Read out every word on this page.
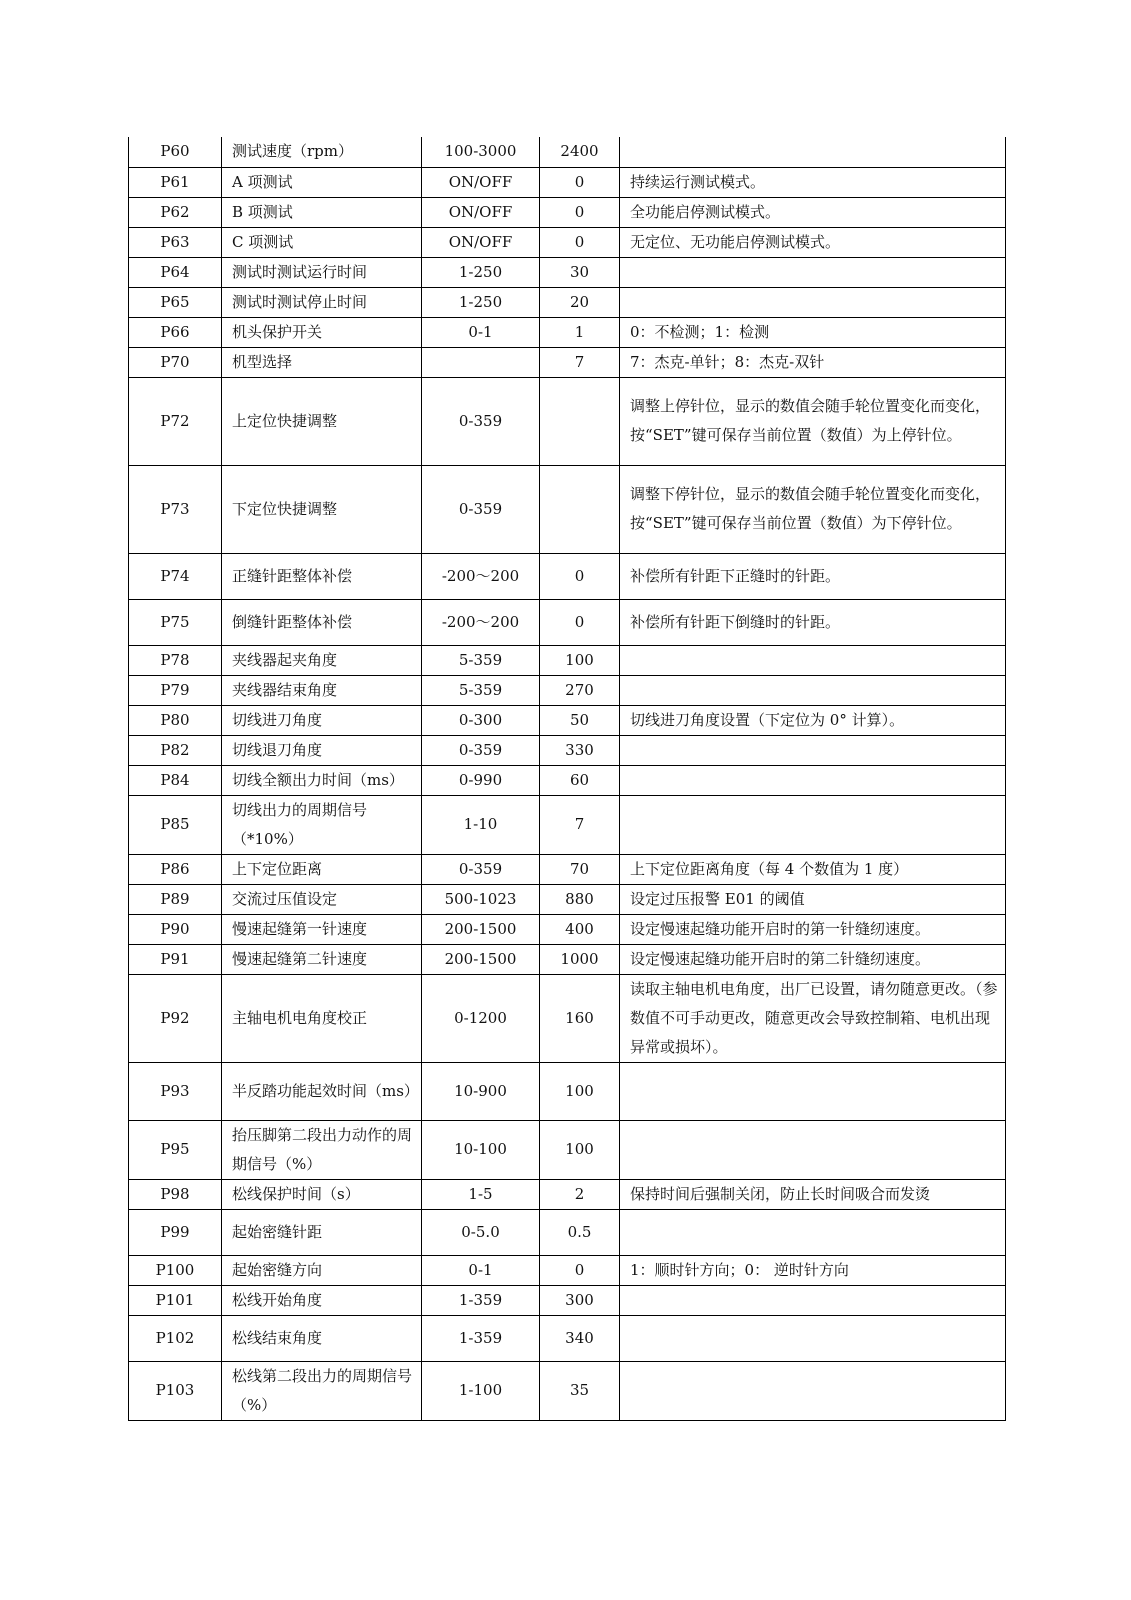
P60	测试速度（rpm）	100-3000	2400	
P61	A 项测试	ON/OFF	0	持续运行测试模式。
P62	B 项测试	ON/OFF	0	全功能启停测试模式。
P63	C 项测试	ON/OFF	0	无定位、无功能启停测试模式。
P64	测试时测试运行时间	1-250	30	
P65	测试时测试停止时间	1-250	20	
P66	机头保护开关	0-1	1	0：不检测；1：检测
P70	机型选择		7	7：杰克-单针；8：杰克-双针
P72	上定位快捷调整	0-359		调整上停针位，显示的数值会随手轮位置变化而变化，按“SET”键可保存当前位置（数值）为上停针位。
P73	下定位快捷调整	0-359		调整下停针位，显示的数值会随手轮位置变化而变化，按“SET”键可保存当前位置（数值）为下停针位。
P74	正缝针距整体补偿	-200～200	0	补偿所有针距下正缝时的针距。
P75	倒缝针距整体补偿	-200～200	0	补偿所有针距下倒缝时的针距。
P78	夹线器起夹角度	5-359	100	
P79	夹线器结束角度	5-359	270	
P80	切线进刀角度	0-300	50	切线进刀角度设置（下定位为 0° 计算）。
P82	切线退刀角度	0-359	330	
P84	切线全额出力时间（ms）	0-990	60	
P85	切线出力的周期信号（*10%）	1-10	7	
P86	上下定位距离	0-359	70	上下定位距离角度（每 4 个数值为 1 度）
P89	交流过压值设定	500-1023	880	设定过压报警 E01 的阈值
P90	慢速起缝第一针速度	200-1500	400	设定慢速起缝功能开启时的第一针缝纫速度。
P91	慢速起缝第二针速度	200-1500	1000	设定慢速起缝功能开启时的第二针缝纫速度。
P92	主轴电机电角度校正	0-1200	160	读取主轴电机电角度，出厂已设置，请勿随意更改。（参数值不可手动更改，随意更改会导致控制箱、电机出现异常或损坏）。
P93	半反踏功能起效时间（ms）	10-900	100	
P95	抬压脚第二段出力动作的周期信号（%）	10-100	100	
P98	松线保护时间（s）	1-5	2	保持时间后强制关闭，防止长时间吸合而发烫
P99	起始密缝针距	0-5.0	0.5	
P100	起始密缝方向	0-1	0	1：顺时针方向；0： 逆时针方向
P101	松线开始角度	1-359	300	
P102	松线结束角度	1-359	340	
P103	松线第二段出力的周期信号（%）	1-100	35	
